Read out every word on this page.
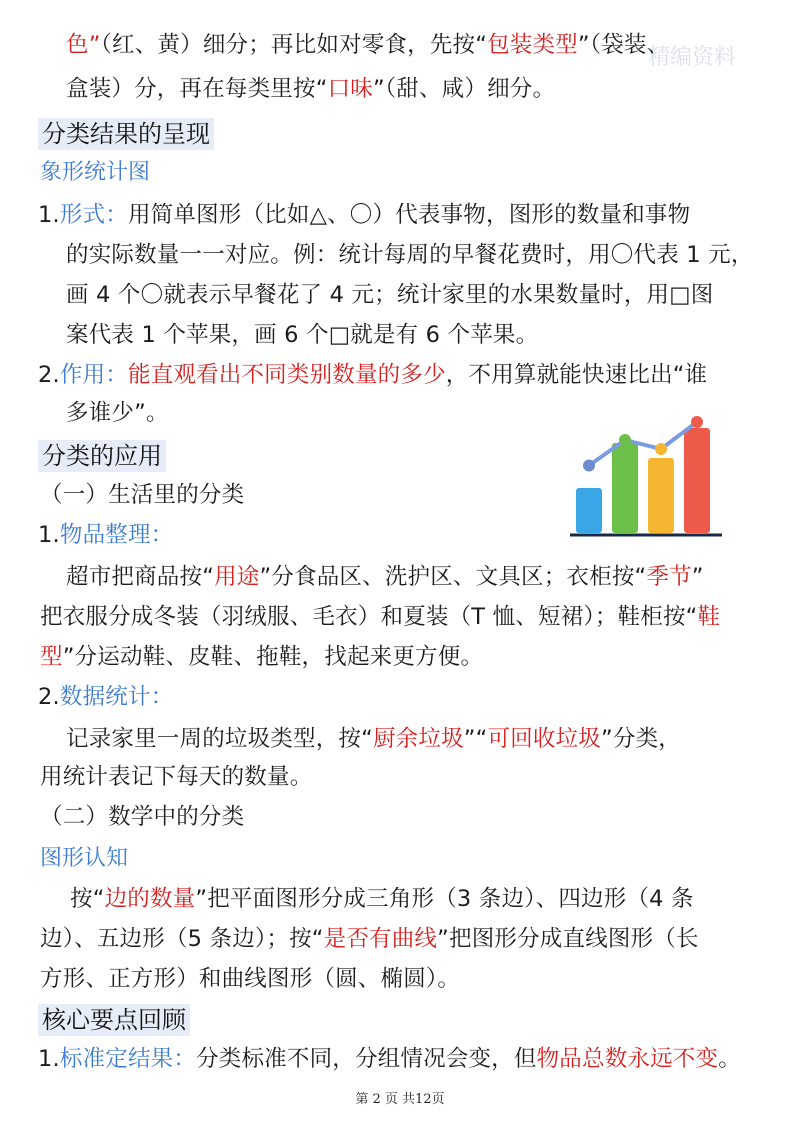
色”（红、黄）细分；再比如对零食，先按“包装类型”（袋装、
精编资料
盒装）分，再在每类里按“口味”（甜、咸）细分。
分类结果的呈现
象形统计图
1.形式：用简单图形（比如△、〇）代表事物，图形的数量和事物
的实际数量一一对应。例：统计每周的早餐花费时，用〇代表 1 元，
画 4 个〇就表示早餐花了 4 元；统计家里的水果数量时，用□图
案代表 1 个苹果，画 6 个□就是有 6 个苹果。
2.作用：能直观看出不同类别数量的多少，不用算就能快速比出“谁
多谁少”。
分类的应用
（一）生活里的分类
1.物品整理：
超市把商品按“用途”分食品区、洗护区、文具区；衣柜按“季节”
把衣服分成冬装（羽绒服、毛衣）和夏装（T 恤、短裙）；鞋柜按“鞋
型”分运动鞋、皮鞋、拖鞋，找起来更方便。
2.数据统计：
记录家里一周的垃圾类型，按“厨余垃圾”“可回收垃圾”分类，
用统计表记下每天的数量。
（二）数学中的分类
图形认知
按“边的数量”把平面图形分成三角形（3 条边）、四边形（4 条
边）、五边形（5 条边）；按“是否有曲线”把图形分成直线图形（长
方形、正方形）和曲线图形（圆、椭圆）。
核心要点回顾
1.标准定结果：分类标准不同，分组情况会变，但物品总数永远不变。
第 2 页 共12页
